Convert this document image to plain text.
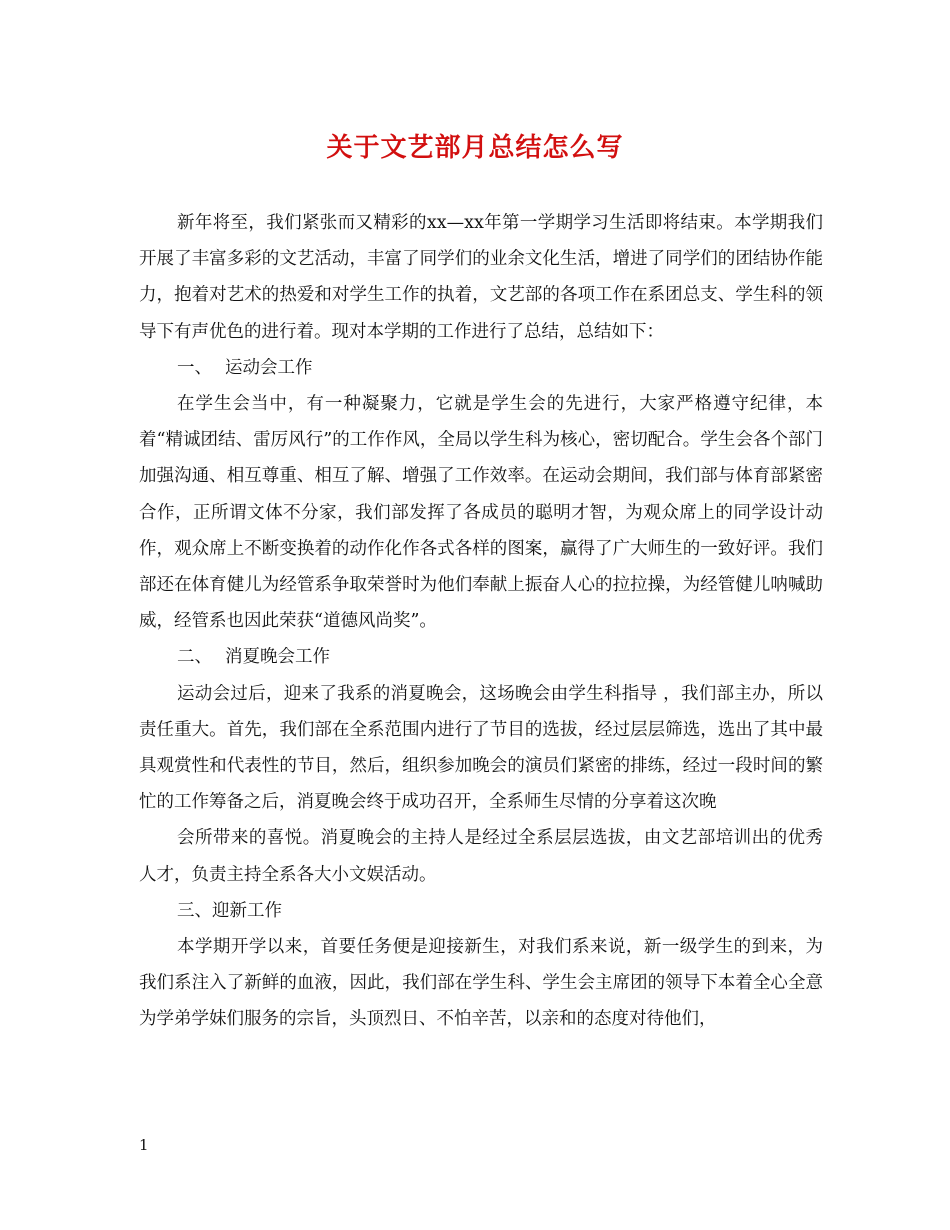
关于文艺部月总结怎么写

新年将至，我们紧张而又精彩的xx—xx年第一学期学习生活即将结束。本学期我们开展了丰富多彩的文艺活动，丰富了同学们的业余文化生活，增进了同学们的团结协作能力，抱着对艺术的热爱和对学生工作的执着，文艺部的各项工作在系团总支、学生科的领导下有声优色的进行着。现对本学期的工作进行了总结，总结如下：

一、 运动会工作

在学生会当中，有一种凝聚力，它就是学生会的先进行，大家严格遵守纪律，本着“精诚团结、雷厉风行”的工作作风，全局以学生科为核心，密切配合。学生会各个部门加强沟通、相互尊重、相互了解、增强了工作效率。在运动会期间，我们部与体育部紧密合作，正所谓文体不分家，我们部发挥了各成员的聪明才智，为观众席上的同学设计动作，观众席上不断变换着的动作化作各式各样的图案，赢得了广大师生的一致好评。我们部还在体育健儿为经管系争取荣誉时为他们奉献上振奋人心的拉拉操，为经管健儿呐喊助威，经管系也因此荣获“道德风尚奖”。

二、 消夏晚会工作

运动会过后，迎来了我系的消夏晚会，这场晚会由学生科指导 ，我们部主办，所以责任重大。首先，我们部在全系范围内进行了节目的选拔，经过层层筛选，选出了其中最具观赏性和代表性的节目，然后，组织参加晚会的演员们紧密的排练，经过一段时间的繁忙的工作筹备之后，消夏晚会终于成功召开，全系师生尽情的分享着这次晚

会所带来的喜悦。消夏晚会的主持人是经过全系层层选拔，由文艺部培训出的优秀人才，负责主持全系各大小文娱活动。

三、迎新工作

本学期开学以来，首要任务便是迎接新生，对我们系来说，新一级学生的到来，为我们系注入了新鲜的血液，因此，我们部在学生科、学生会主席团的领导下本着全心全意为学弟学妹们服务的宗旨，头顶烈日、不怕辛苦，以亲和的态度对待他们，

1
